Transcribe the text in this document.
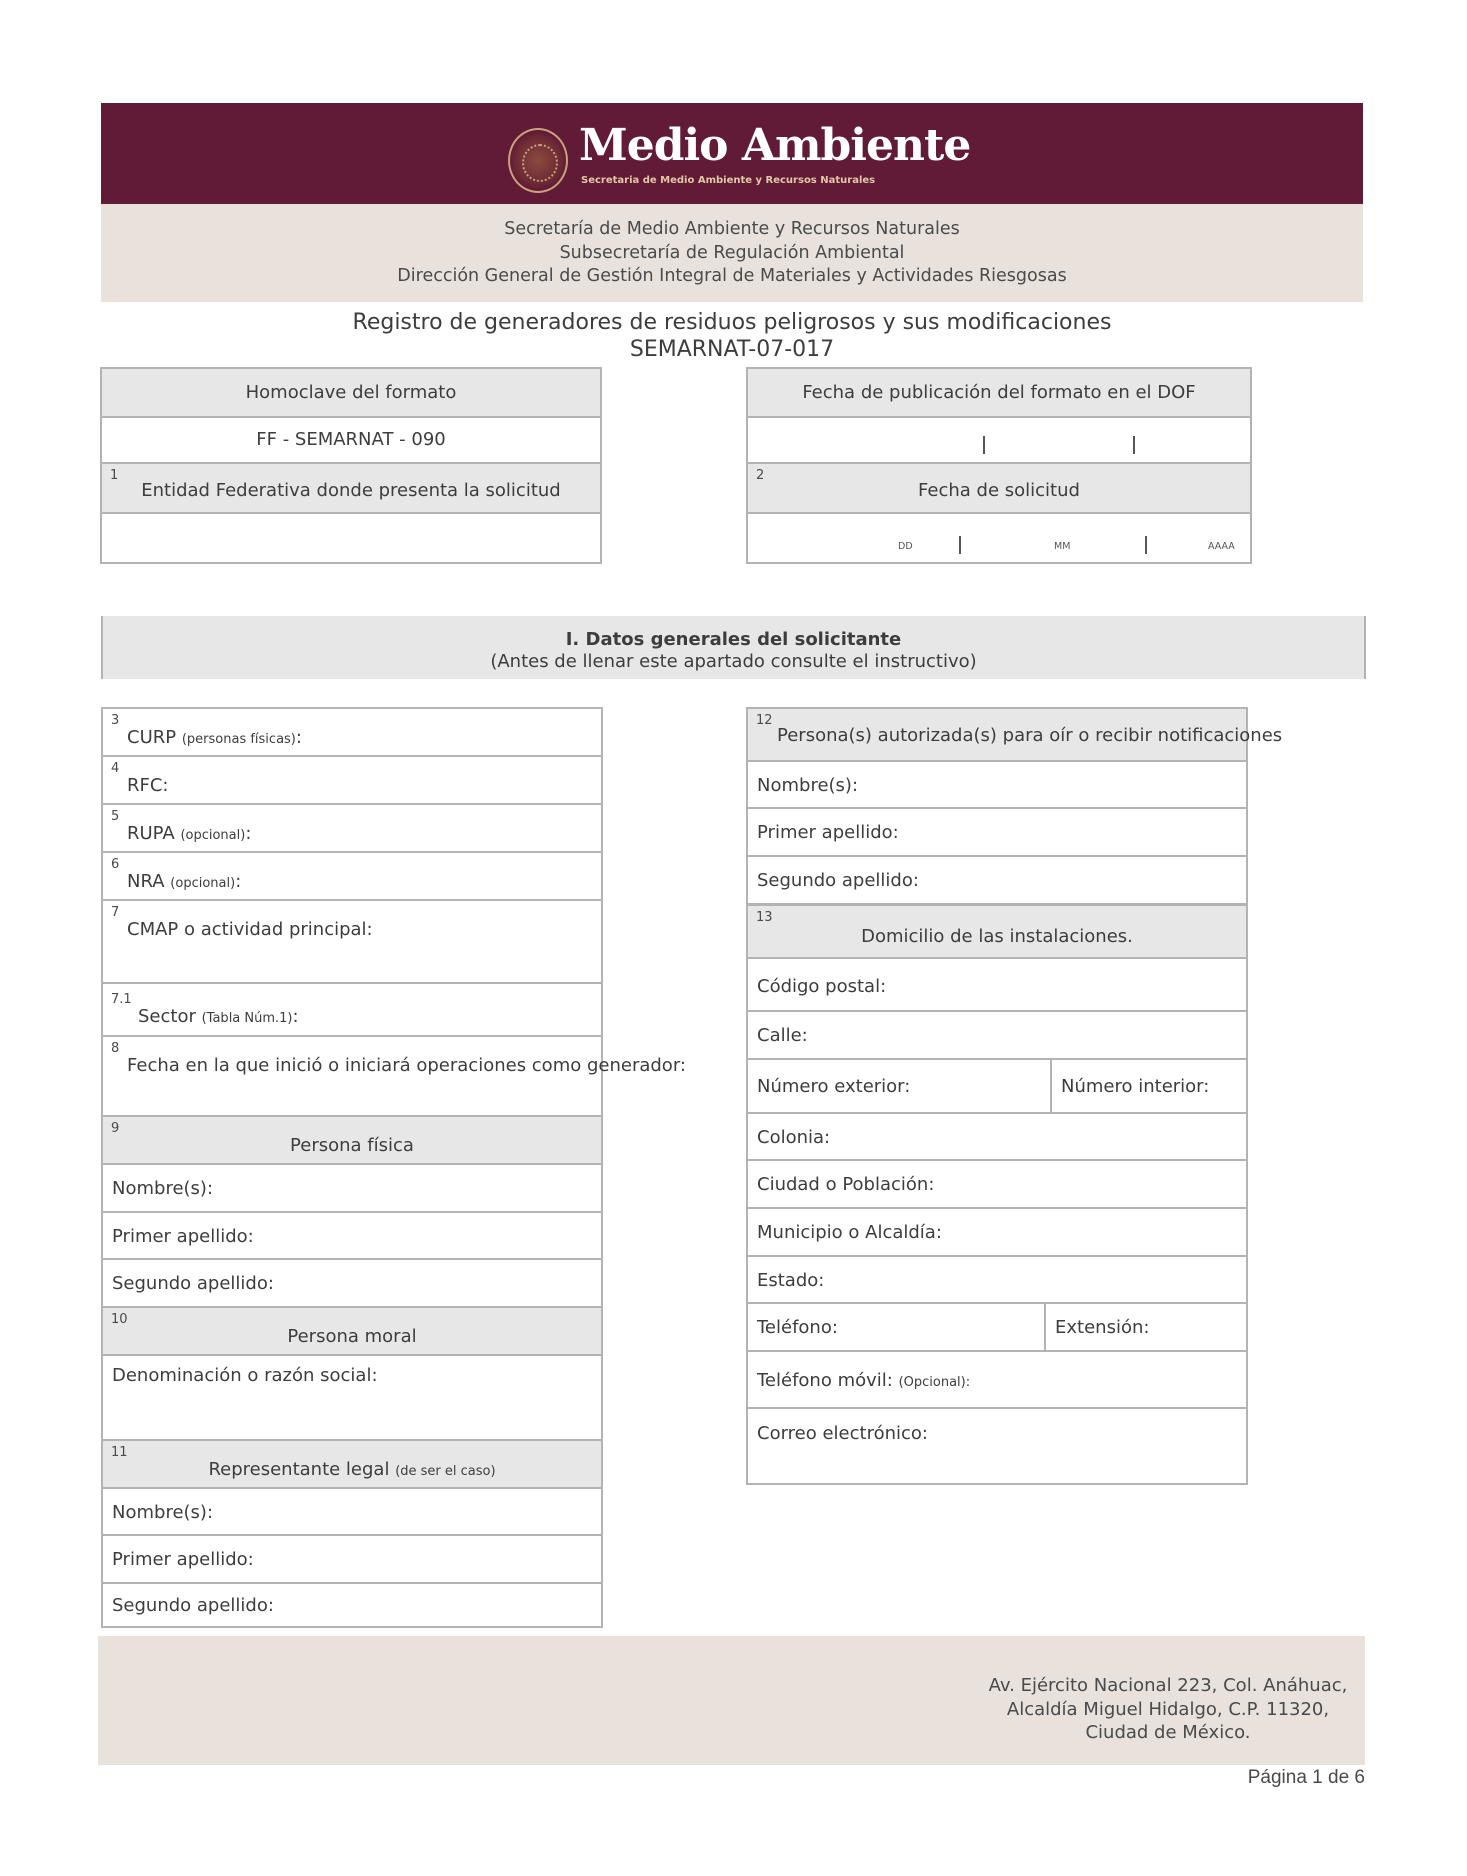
Medio Ambiente
Secretaria de Medio Ambiente y Recursos Naturales
Secretaría de Medio Ambiente y Recursos Naturales
Subsecretaría de Regulación Ambiental
Dirección General de Gestión Integral de Materiales y Actividades Riesgosas
Registro de generadores de residuos peligrosos y sus modificaciones
SEMARNAT-07-017
Homoclave del formato
FF - SEMARNAT - 090
1
Entidad Federativa donde presenta la solicitud
Fecha de publicación del formato en el DOF
2
Fecha de solicitud
DD	MM	AAAA
I. Datos generales del solicitante
(Antes de llenar este apartado consulte el instructivo)
3
CURP (personas físicas):
4
RFC:
5
RUPA (opcional):
6
NRA (opcional):
7
CMAP o actividad principal:
7.1
Sector (Tabla Núm.1):
8
Fecha en la que inició o iniciará operaciones como generador:
9
Persona física
Nombre(s):
Primer apellido:
Segundo apellido:
10
Persona moral
Denominación o razón social:
11
Representante legal (de ser el caso)
Nombre(s):
Primer apellido:
Segundo apellido:
12
Persona(s) autorizada(s) para oír o recibir notificaciones
Nombre(s):
Primer apellido:
Segundo apellido:
13
Domicilio de las instalaciones.
Código postal:
Calle:
Número exterior:	Número interior:
Colonia:
Ciudad o Población:
Municipio o Alcaldía:
Estado:
Teléfono:	Extensión:
Teléfono móvil: (Opcional):
Correo electrónico:
Av. Ejército Nacional 223, Col. Anáhuac,
Alcaldía Miguel Hidalgo, C.P. 11320,
Ciudad de México.
Página 1 de 6
